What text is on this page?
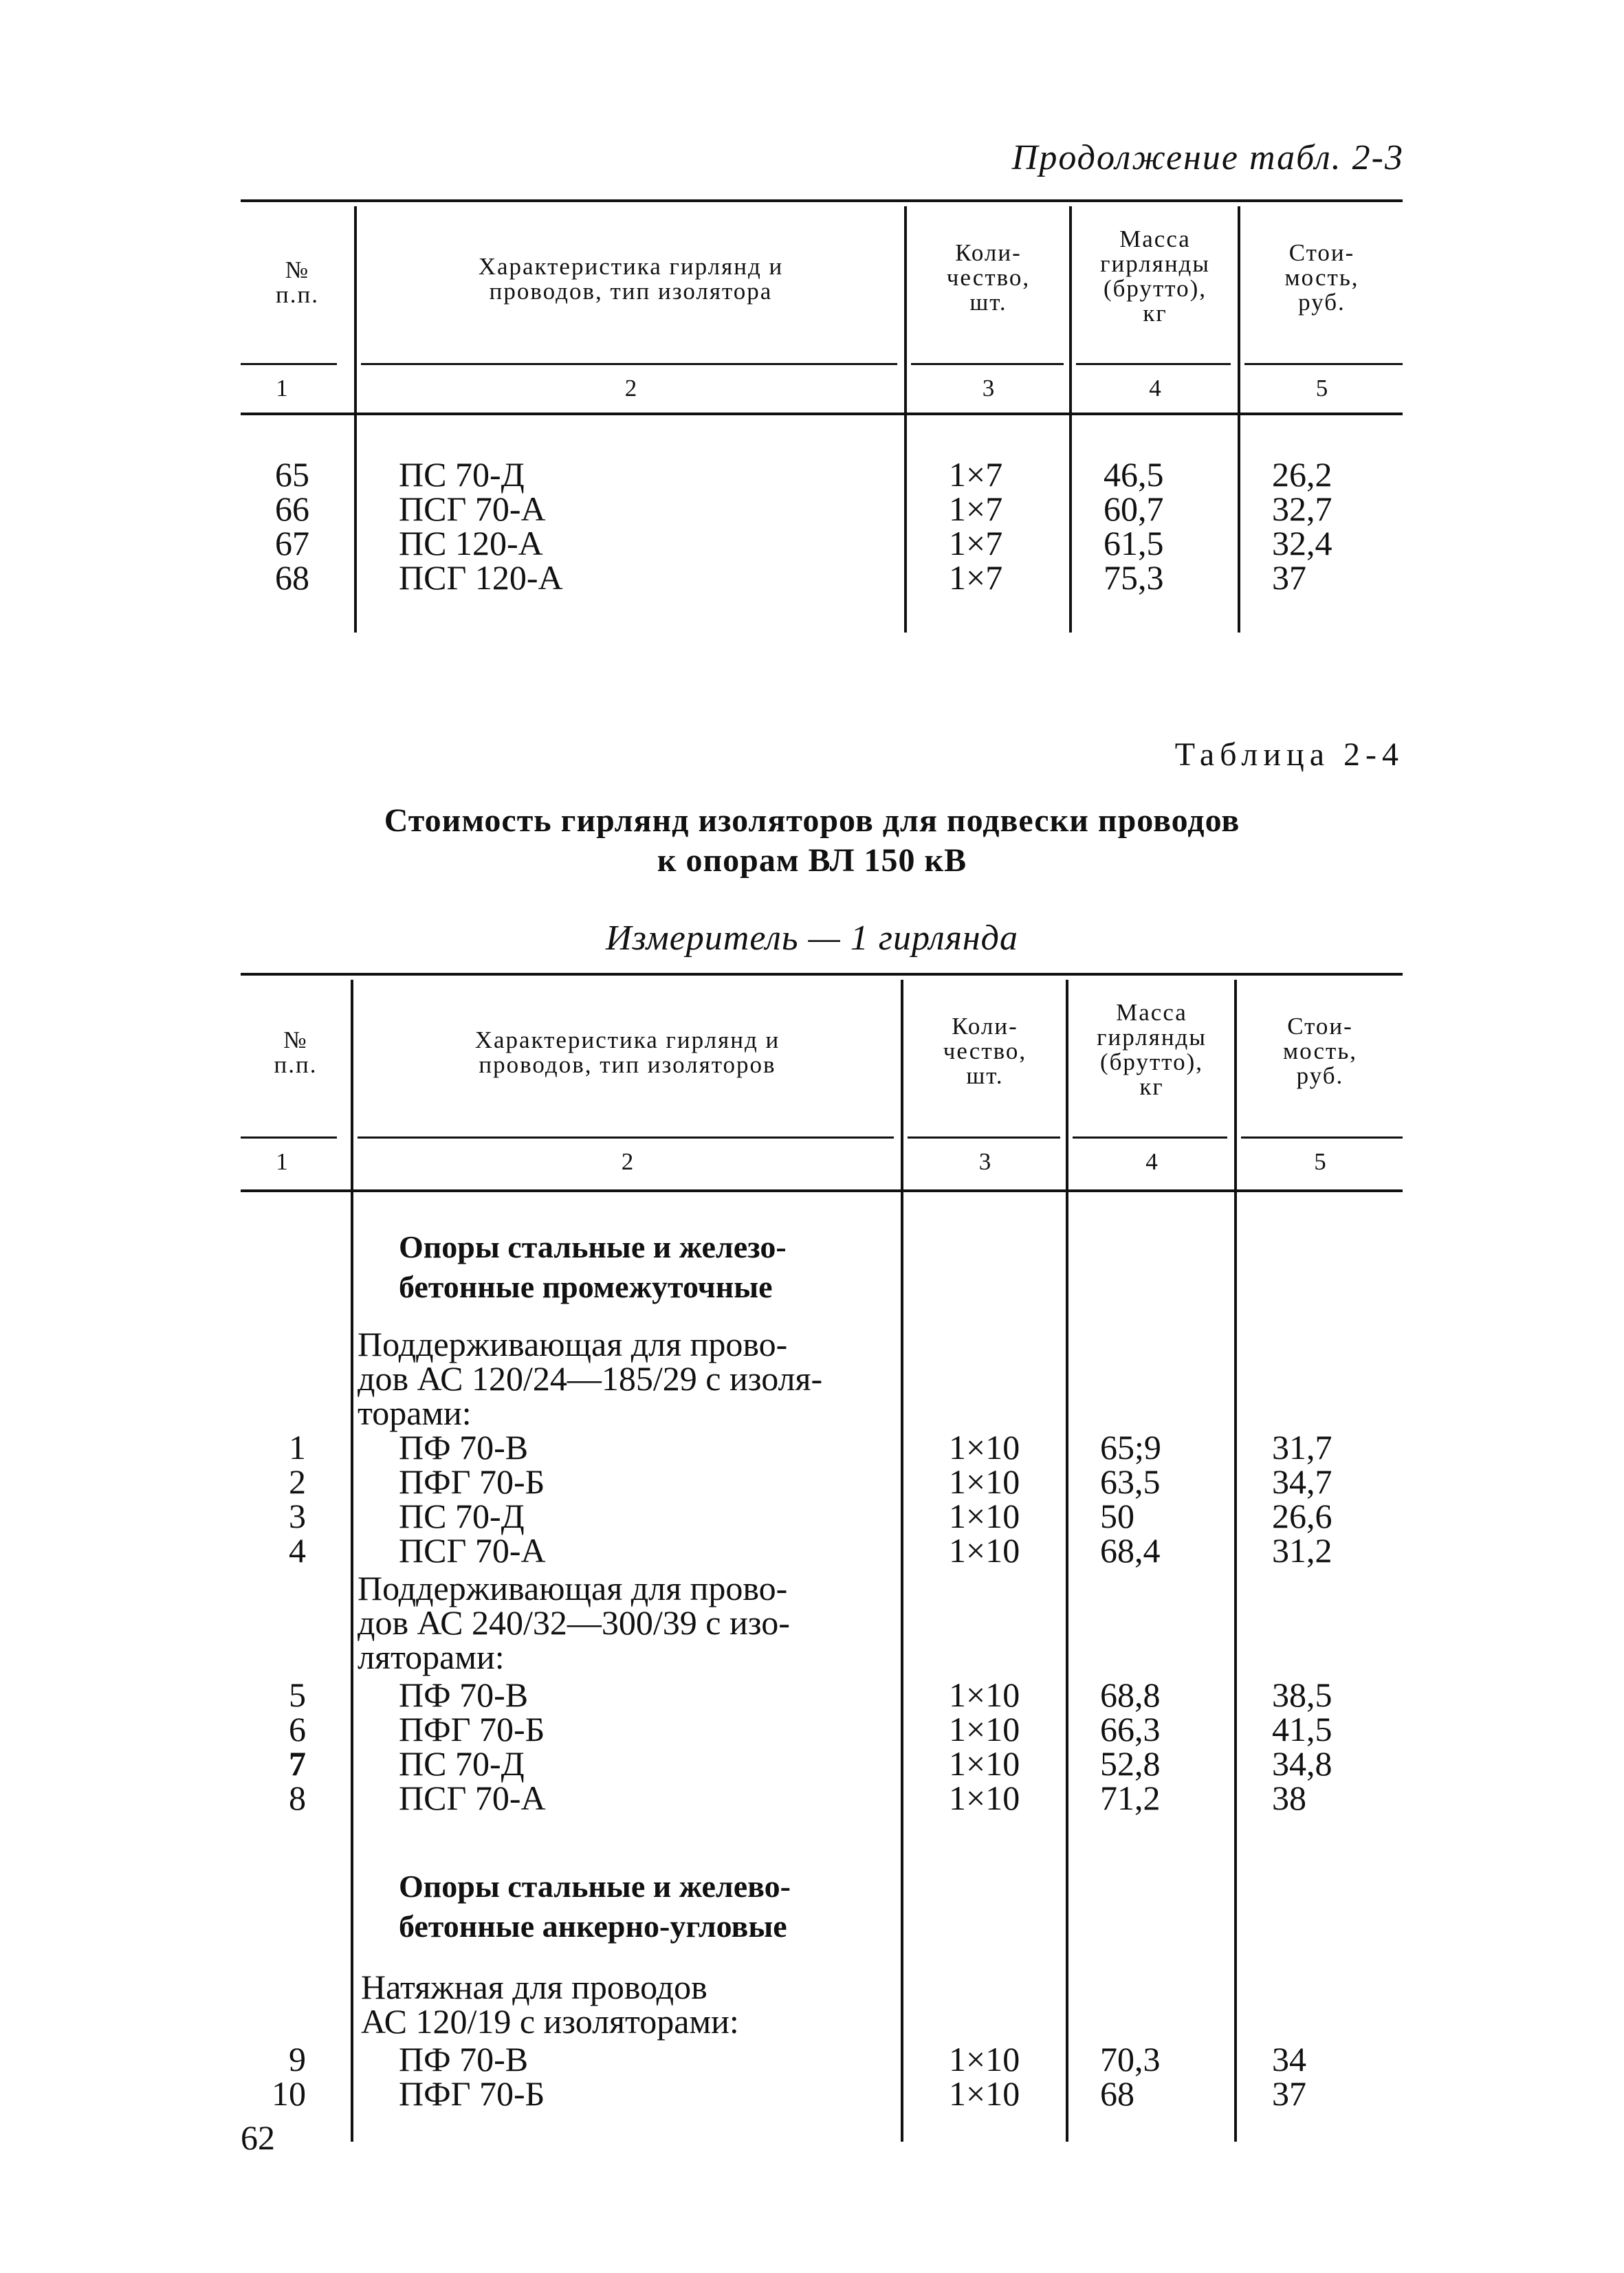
Продолжение табл. 2-3
№
п.п.
Характеристика гирлянд и
проводов, тип изолятора
Коли-
чество,
шт.
Масса
гирлянды
(брутто),
кг
Стои-
мость,
руб.
1	2	3	4	5
65	ПС 70-Д	1×7	46,5	26,2
66	ПСГ 70-А	1×7	60,7	32,7
67	ПС 120-А	1×7	61,5	32,4
68	ПСГ 120-А	1×7	75,3	37
Таблица 2-4
Стоимость гирлянд изоляторов для подвески проводов
к опорам ВЛ 150 кВ
Измеритель — 1 гирлянда
№
п.п.
Характеристика гирлянд и
проводов, тип изоляторов
Коли-
чество,
шт.
Масса
гирлянды
(брутто),
кг
Стои-
мость,
руб.
1	2	3	4	5
Опоры стальные и железо-
бетонные промежуточные
Поддерживающая для прово-
дов АС 120/24—185/29 с изоля-
торами:
1	ПФ 70-В	1×10 65;9	31,7
2	ПФГ 70-Б	1×10 63,5	34,7
3	ПС 70-Д	1×10 50	26,6
4	ПСГ 70-А	1×10 68,4	31,2
Поддерживающая для прово-
дов АС 240/32—300/39 с изо-
ляторами:
5	ПФ 70-В	1×10 68,8	38,5
6	ПФГ 70-Б	1×10 66,3	41,5
7	ПС 70-Д	1×10 52,8	34,8
8	ПСГ 70-А	1×10 71,2	38
Опоры стальные и желево-
бетонные анкерно-угловые
Натяжная для проводов
АС 120/19 с изоляторами:
9	ПФ 70-В	1×10 70,3	34
10	ПФГ 70-Б	1×10 68	37
62
